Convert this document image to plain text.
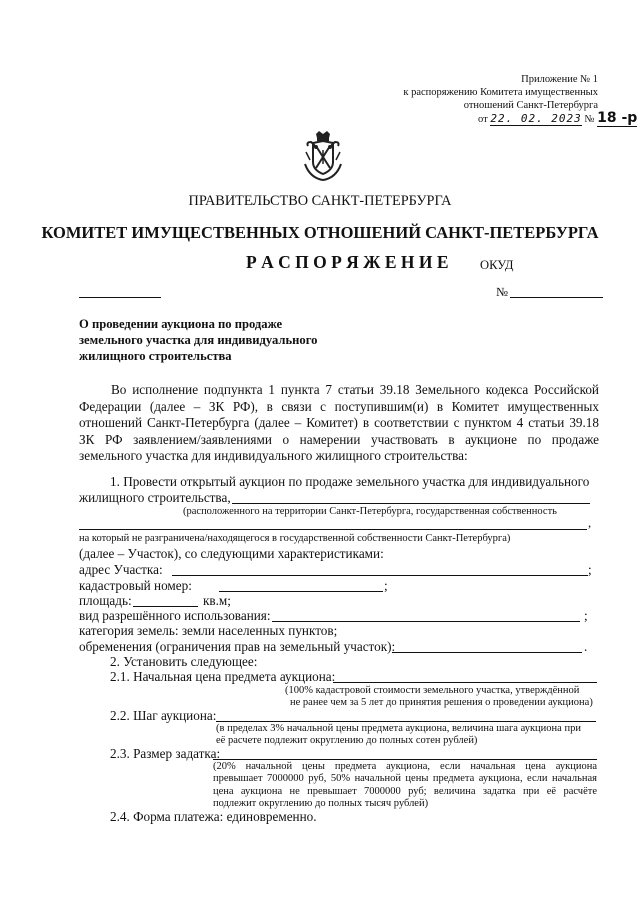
Приложение № 1
к распоряжению Комитета имущественных
отношений Санкт-Петербурга
от 22. 02. 2023 № 18 -р
ПРАВИТЕЛЬСТВО САНКТ-ПЕТЕРБУРГА
КОМИТЕТ ИМУЩЕСТВЕННЫХ ОТНОШЕНИЙ САНКТ-ПЕТЕРБУРГА
Р А С П О Р Я Ж Е Н И Е ОКУД
№
О проведении аукциона по продаже
земельного участка для индивидуального
жилищного строительства
Во исполнение подпункта 1 пункта 7 статьи 39.18 Земельного кодекса Российской
Федерации (далее – ЗК РФ), в связи с поступившим(и) в Комитет имущественных
отношений Санкт-Петербурга (далее – Комитет) в соответствии с пунктом 4 статьи 39.18
ЗК РФ заявлением/заявлениями о намерении участвовать в аукционе по продаже
земельного участка для индивидуального жилищного строительства:
1. Провести открытый аукцион по продаже земельного участка для индивидуального
жилищного строительства,
(расположенного на территории Санкт-Петербурга, государственная собственность
,
на который не разграничена/находящегося в государственной собственности Санкт-Петербурга)
(далее – Участок), со следующими характеристиками:
адрес Участка:	;
кадастровый номер:	;
площадь:	кв.м;
вид разрешённого использования:	;
категория земель: земли населенных пунктов;
обременения (ограничения прав на земельный участок):	.
2. Установить следующее:
2.1. Начальная цена предмета аукциона:
(100% кадастровой стоимости земельного участка, утверждённой
не ранее чем за 5 лет до принятия решения о проведении аукциона)
2.2. Шаг аукциона:
(в пределах 3% начальной цены предмета аукциона, величина шага аукциона при
её расчете подлежит округлению до полных сотен рублей)
2.3. Размер задатка:
(20% начальной цены предмета аукциона, если начальная цена аукциона
превышает 7000000 руб, 50% начальной цены предмета аукциона, если начальная
цена аукциона не превышает 7000000 руб; величина задатка при её расчёте
подлежит округлению до полных тысяч рублей)
2.4. Форма платежа: единовременно.
